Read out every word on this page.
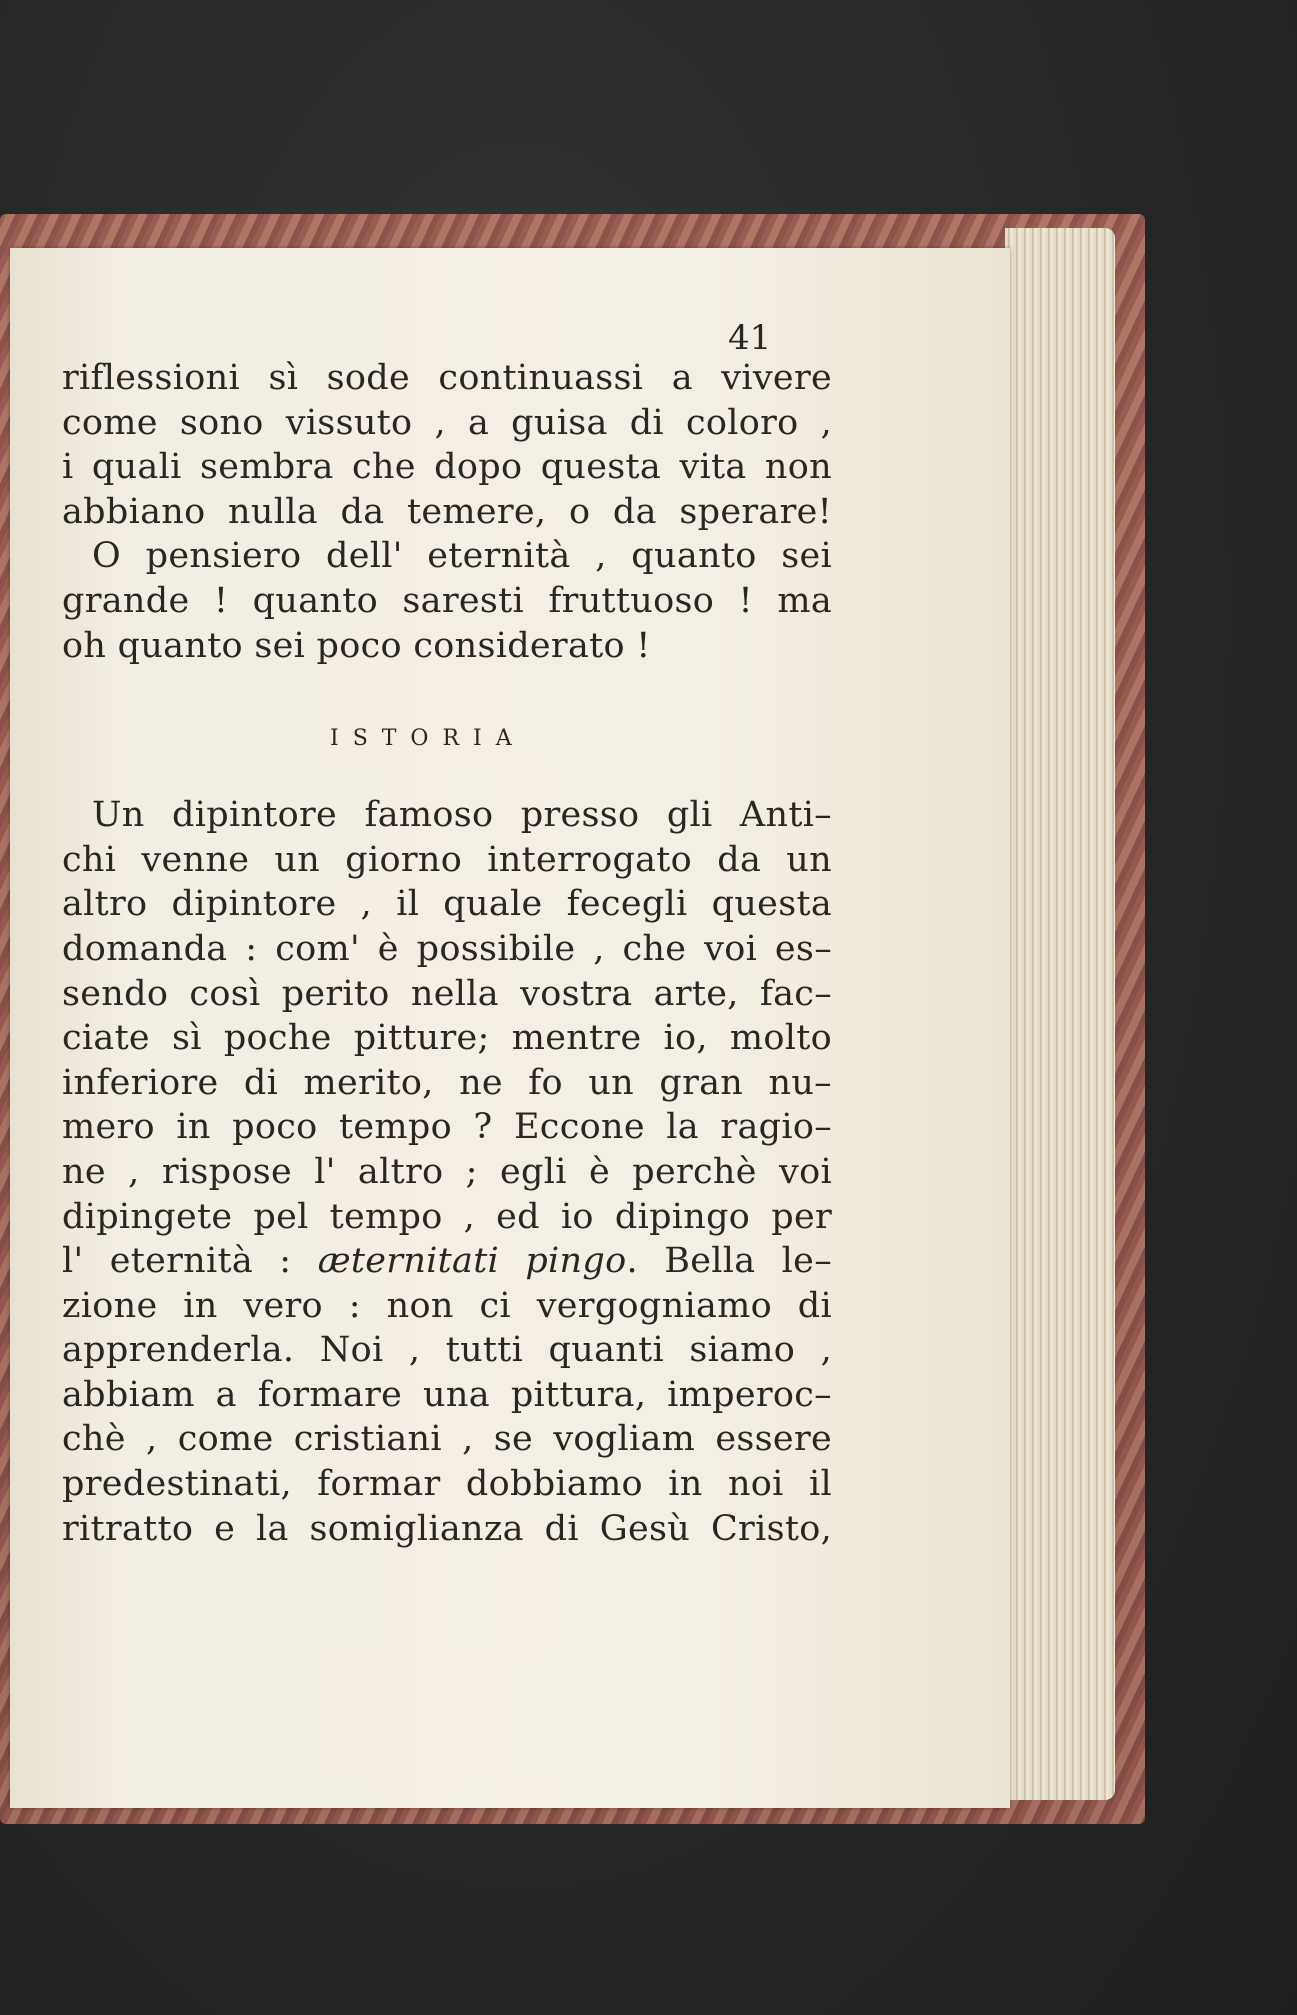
41
riflessioni sì sode continuassi a vivere
come sono vissuto , a guisa di coloro ,
i quali sembra che dopo questa vita non
abbiano nulla da temere, o da sperare!
O pensiero dell' eternità , quanto sei
grande ! quanto saresti fruttuoso ! ma
oh quanto sei poco considerato !
ISTORIA
Un dipintore famoso presso gli Anti–
chi venne un giorno interrogato da un
altro dipintore , il quale fecegli questa
domanda : com' è possibile , che voi es–
sendo così perito nella vostra arte, fac–
ciate sì poche pitture; mentre io, molto
inferiore di merito, ne fo un gran nu–
mero in poco tempo ? Eccone la ragio–
ne , rispose l' altro ; egli è perchè voi
dipingete pel tempo , ed io dipingo per
l' eternità : æternitati pingo. Bella le–
zione in vero : non ci vergogniamo di
apprenderla. Noi , tutti quanti siamo ,
abbiam a formare una pittura, imperoc–
chè , come cristiani , se vogliam essere
predestinati, formar dobbiamo in noi il
ritratto e la somiglianza di Gesù Cristo,
